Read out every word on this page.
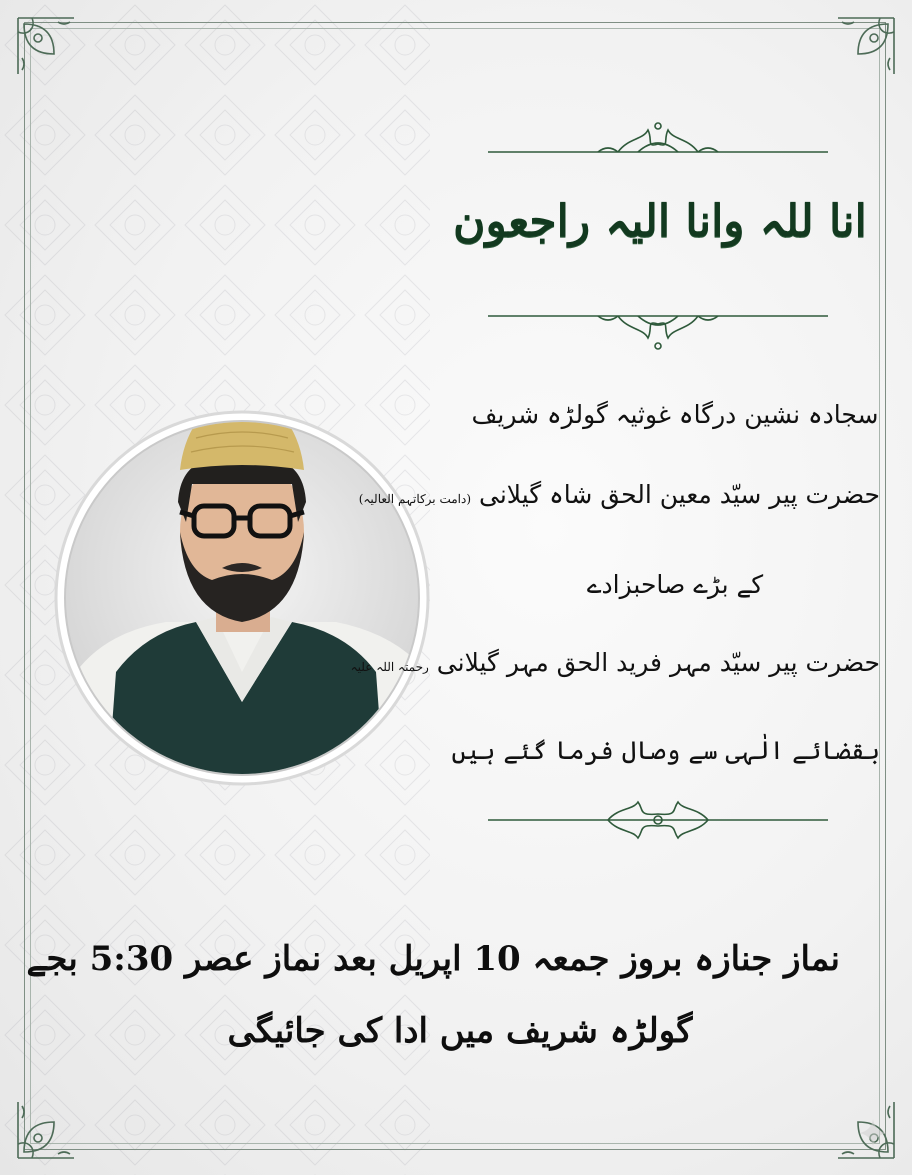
انا للہ وانا الیہ راجعون
سجادہ نشین درگاہ غوثیہ گولڑہ شریف
حضرت پیر سیّد معین الحق شاہ گیلانی (دامت برکاتہم العالیہ)
کے بڑے صاحبزادے
حضرت پیر سیّد مہر فرید الحق مہر گیلانی رحمتہ اللہ علیہ
بقضائے الٰہی سے وصال فرما گئے ہیں
نماز جنازہ بروز جمعہ 10 اپریل بعد نماز عصر 5:30 بجے
گولڑہ شریف میں ادا کی جائیگی
